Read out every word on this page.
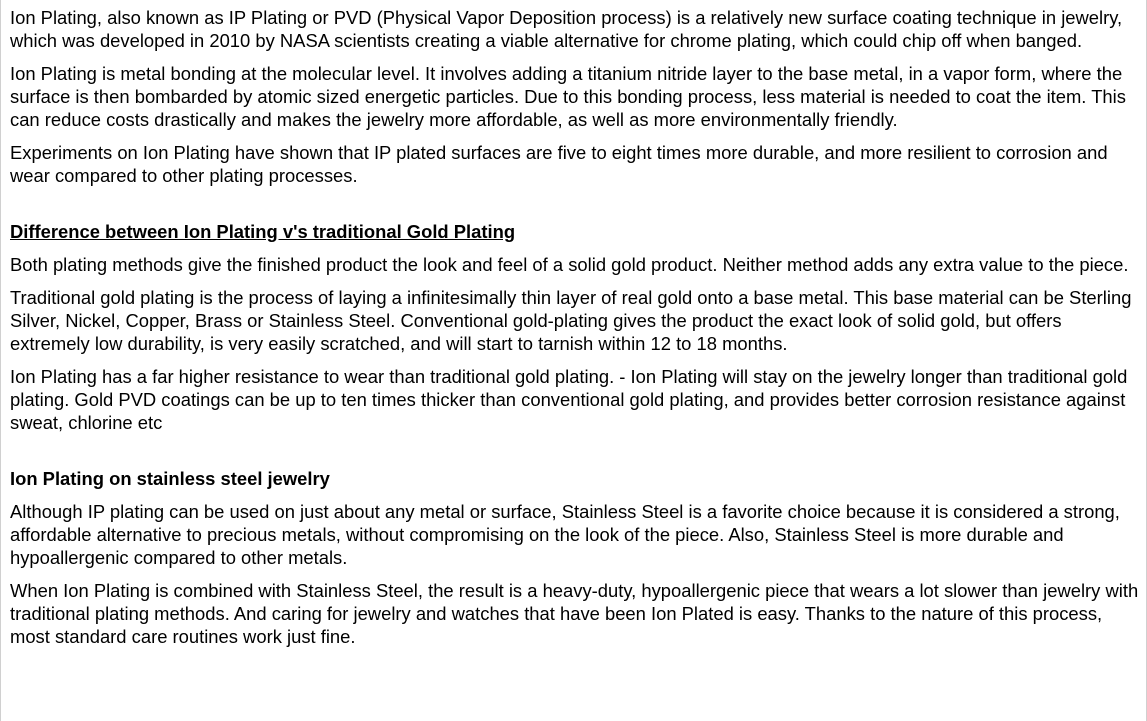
Ion Plating, also known as IP Plating or PVD (Physical Vapor Deposition process) is a relatively new surface coating technique in jewelry, which was developed in 2010 by NASA scientists creating a viable alternative for chrome plating, which could chip off when banged.

Ion Plating is metal bonding at the molecular level. It involves adding a titanium nitride layer to the base metal, in a vapor form, where the surface is then bombarded by atomic sized energetic particles. Due to this bonding process, less material is needed to coat the item. This can reduce costs drastically and makes the jewelry more affordable, as well as more environmentally friendly.

Experiments on Ion Plating have shown that IP plated surfaces are five to eight times more durable, and more resilient to corrosion and wear compared to other plating processes.

Difference between Ion Plating v's traditional Gold Plating

Both plating methods give the finished product the look and feel of a solid gold product. Neither method adds any extra value to the piece.

Traditional gold plating is the process of laying a infinitesimally thin layer of real gold onto a base metal. This base material can be Sterling Silver, Nickel, Copper, Brass or Stainless Steel. Conventional gold-plating gives the product the exact look of solid gold, but offers extremely low durability, is very easily scratched, and will start to tarnish within 12 to 18 months.

Ion Plating has a far higher resistance to wear than traditional gold plating. - Ion Plating will stay on the jewelry longer than traditional gold plating. Gold PVD coatings can be up to ten times thicker than conventional gold plating, and provides better corrosion resistance against sweat, chlorine etc

Ion Plating on stainless steel jewelry

Although IP plating can be used on just about any metal or surface, Stainless Steel is a favorite choice because it is considered a strong, affordable alternative to precious metals, without compromising on the look of the piece. Also, Stainless Steel is more durable and hypoallergenic compared to other metals.

When Ion Plating is combined with Stainless Steel, the result is a heavy-duty, hypoallergenic piece that wears a lot slower than jewelry with traditional plating methods. And caring for jewelry and watches that have been Ion Plated is easy. Thanks to the nature of this process, most standard care routines work just fine.
